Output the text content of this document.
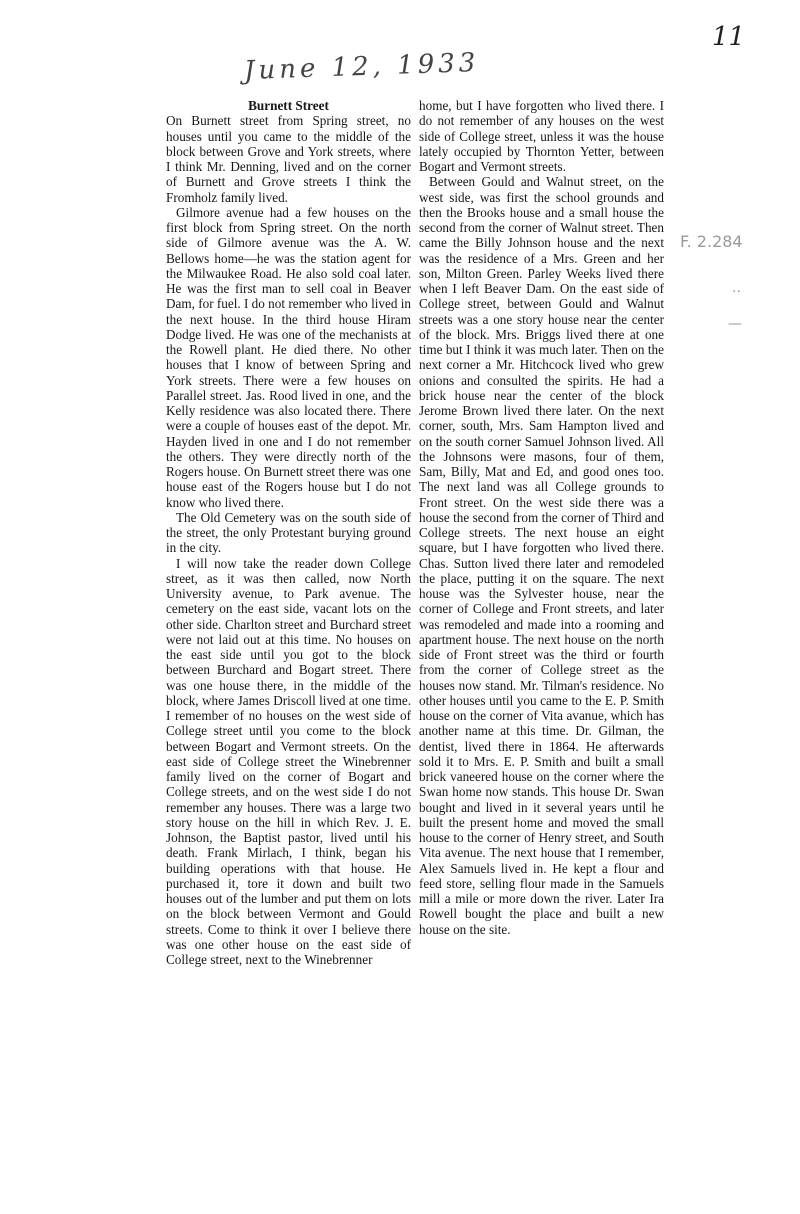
11
June 12, 1933
F. 2.284
..
—
Burnett Street

On Burnett street from Spring street, no houses until you came to the middle of the block between Grove and York streets, where I think Mr. Denning, lived and on the corner of Burnett and Grove streets I think the Fromholz family lived.

Gilmore avenue had a few houses on the first block from Spring street. On the north side of Gilmore avenue was the A. W. Bellows home—he was the station agent for the Milwaukee Road. He also sold coal later. He was the first man to sell coal in Beaver Dam, for fuel. I do not remember who lived in the next house. In the third house Hiram Dodge lived. He was one of the mechanists at the Rowell plant. He died there. No other houses that I know of between Spring and York streets. There were a few houses on Parallel street. Jas. Rood lived in one, and the Kelly residence was also located there. There were a couple of houses east of the depot. Mr. Hayden lived in one and I do not remember the others. They were directly north of the Rogers house. On Burnett street there was one house east of the Rogers house but I do not know who lived there.

The Old Cemetery was on the south side of the street, the only Protestant burying ground in the city.

I will now take the reader down College street, as it was then called, now North University avenue, to Park avenue. The cemetery on the east side, vacant lots on the other side. Charlton street and Burchard street were not laid out at this time. No houses on the east side until you got to the block between Burchard and Bogart street. There was one house there, in the middle of the block, where James Driscoll lived at one time. I remember of no houses on the west side of College street until you come to the block between Bogart and Vermont streets. On the east side of College street the Winebrenner family lived on the corner of Bogart and College streets, and on the west side I do not remember any houses. There was a large two story house on the hill in which Rev. J. E. Johnson, the Baptist pastor, lived until his death. Frank Mirlach, I think, began his building operations with that house. He purchased it, tore it down and built two houses out of the lumber and put them on lots on the block between Vermont and Gould streets. Come to think it over I believe there was one other house on the east side of College street, next to the Winebrenner

home, but I have forgotten who lived there. I do not remember of any houses on the west side of College street, unless it was the house lately occupied by Thornton Yetter, between Bogart and Vermont streets.

Between Gould and Walnut street, on the west side, was first the school grounds and then the Brooks house and a small house the second from the corner of Walnut street. Then came the Billy Johnson house and the next was the residence of a Mrs. Green and her son, Milton Green. Parley Weeks lived there when I left Beaver Dam. On the east side of College street, between Gould and Walnut streets was a one story house near the center of the block. Mrs. Briggs lived there at one time but I think it was much later. Then on the next corner a Mr. Hitchcock lived who grew onions and consulted the spirits. He had a brick house near the center of the block Jerome Brown lived there later. On the next corner, south, Mrs. Sam Hampton lived and on the south corner Samuel Johnson lived. All the Johnsons were masons, four of them, Sam, Billy, Mat and Ed, and good ones too. The next land was all College grounds to Front street. On the west side there was a house the second from the corner of Third and College streets. The next house an eight square, but I have forgotten who lived there. Chas. Sutton lived there later and remodeled the place, putting it on the square. The next house was the Sylvester house, near the corner of College and Front streets, and later was remodeled and made into a rooming and apartment house. The next house on the north side of Front street was the third or fourth from the corner of College street as the houses now stand. Mr. Tilman's residence. No other houses until you came to the E. P. Smith house on the corner of Vita avanue, which has another name at this time. Dr. Gilman, the dentist, lived there in 1864. He afterwards sold it to Mrs. E. P. Smith and built a small brick vaneered house on the corner where the Swan home now stands. This house Dr. Swan bought and lived in it several years until he built the present home and moved the small house to the corner of Henry street, and South Vita avenue. The next house that I remember, Alex Samuels lived in. He kept a flour and feed store, selling flour made in the Samuels mill a mile or more down the river. Later Ira Rowell bought the place and built a new house on the site.
